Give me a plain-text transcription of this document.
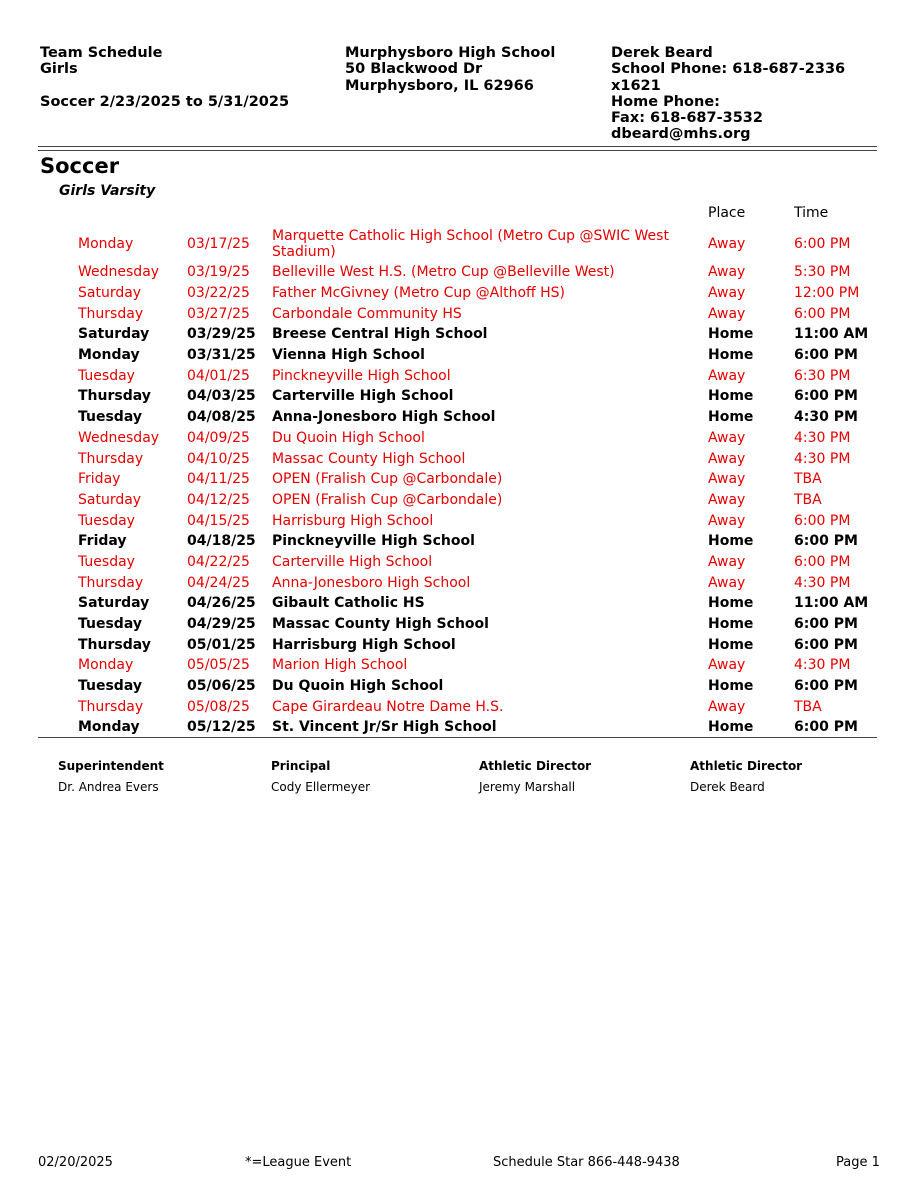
Team Schedule
Girls
Soccer 2/23/2025 to 5/31/2025
Murphysboro High School
50 Blackwood Dr
Murphysboro, IL 62966
Derek Beard
School Phone: 618-687-2336
x1621
Home Phone:
Fax: 618-687-3532
dbeard@mhs.org
Soccer
Girls Varsity
Place	Time
Monday	03/17/25 Marquette Catholic High School (Metro Cup @SWIC West Stadium)	Away	6:00 PM
Wednesday 03/19/25 Belleville West H.S. (Metro Cup @Belleville West)	Away	5:30 PM
Saturday	03/22/25 Father McGivney (Metro Cup @Althoff HS)	Away	12:00 PM
Thursday	03/27/25 Carbondale Community HS	Away	6:00 PM
Saturday	03/29/25 Breese Central High School	Home	11:00 AM
Monday	03/31/25 Vienna High School	Home	6:00 PM
Tuesday	04/01/25 Pinckneyville High School	Away	6:30 PM
Thursday	04/03/25 Carterville High School	Home	6:00 PM
Tuesday	04/08/25 Anna-Jonesboro High School	Home	4:30 PM
Wednesday 04/09/25 Du Quoin High School	Away	4:30 PM
Thursday	04/10/25 Massac County High School	Away	4:30 PM
Friday	04/11/25 OPEN (Fralish Cup @Carbondale)	Away	TBA
Saturday	04/12/25 OPEN (Fralish Cup @Carbondale)	Away	TBA
Tuesday	04/15/25 Harrisburg High School	Away	6:00 PM
Friday	04/18/25 Pinckneyville High School	Home	6:00 PM
Tuesday	04/22/25 Carterville High School	Away	6:00 PM
Thursday	04/24/25 Anna-Jonesboro High School	Away	4:30 PM
Saturday	04/26/25 Gibault Catholic HS	Home	11:00 AM
Tuesday	04/29/25 Massac County High School	Home	6:00 PM
Thursday	05/01/25 Harrisburg High School	Home	6:00 PM
Monday	05/05/25 Marion High School	Away	4:30 PM
Tuesday	05/06/25 Du Quoin High School	Home	6:00 PM
Thursday	05/08/25 Cape Girardeau Notre Dame H.S.	Away	TBA
Monday	05/12/25 St. Vincent Jr/Sr High School	Home	6:00 PM
Superintendent
Dr. Andrea Evers
Principal
Cody Ellermeyer
Athletic Director
Jeremy Marshall
Athletic Director
Derek Beard
02/20/2025	*=League Event	Schedule Star 866-448-9438	Page 1
